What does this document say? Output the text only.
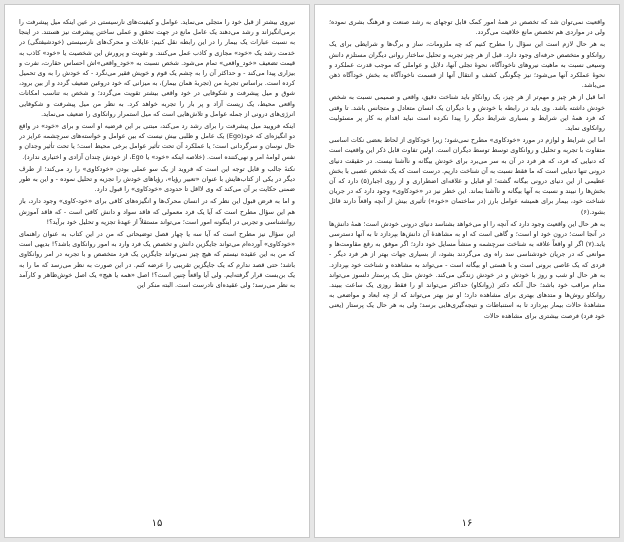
نیروی بیشتر از قبل خود را متجلی می‌نماید. عوامل و کیفیت‌های نارسیستی در عین اینکه میل پیشرفت را برمی‌انگیزاند و رشد می‌دهند یک عامل مانع در جهت تحقق و عملی ساختن پیشرفت نیز هستند. در اینجا به نسبت عبارات یک بیمار را در این رابطه نقل کنیم: غایلات و محرک‌های نارسیستی (خودشیفتگی) در خدمت رشد یک «خود» مجازی و کاذب عمل می‌کنند. و تقویت و پرورش این شخصیت یا «خود» کاذب به قیمت تضعیف «خود_واقعی» تمام می‌شود. شخص نسبت به «خود_واقعی»اش احساس حقارت، نفرت و بیزاری پیدا می‌کند - و حداکثر آن را به چشم یک قوم و خویش فقیر می‌نگرد - که خودش را به وی تحمیل کرده است. براساس تجربهٔ من (تجربهٔ همان بیمار)، به میزانی که خود دروغین ضعیف گردد و از بین برود، شوق و میل پیشرفت و شکوفایی در خود واقعی بیشتر تقویت می‌گردد؛ و شخص به تناسب امکانات واقعی محیط، یک زیست آزاد و پر بار را تجربه خواهد کرد. به نظر من میل پیشرفت و شکوفایی انرژی‌های درونی از جمله عوامل و تلاش‌هایی است که میل استمرار روانکاوی را ضعیف می‌نماید.

اینکه فرویید میل پیشرفت را برای رشد رد می‌کند، مبتنی بر این فرضیه او است و برای «خود» در واقع دو انگیزه‌ای که خود(Ego) یک عامل و ظلبی بیش نیست که بین عوامل و خواسته‌های سرچشمه غرایز در حال نوسان و سرگردانی است؛ یا عملکرد آن تحت تأثیر عوامل برخی محیط است؛ یا تحت تأثیر وجدان و نفس لوامهٔ امر و نهی‌کننده است. (خلاصه اینکه «خود» یا Ego، از خودش چندان آزادی و اختیاری ندارد).

نکتهٔ جالب و قابل توجه این است که فروید از یک سو عملی بودن «خودکاوی» را رد می‌کند؛ از طرف دیگر در یکی از کتاب‌هایش با عنوان «تعبیر رؤیا»، رؤیاهای خودش را تجزیه و تحلیل نموده - و این به طور ضمنی حکایت بر آن می‌کند که وی لااقل تا حدودی «خودکاوی» را قبول دارد.

و اما به فرض قبول این نظر که در انسان محرک‌ها و انگیزه‌های کافی برای «خود-کاوی» وجود دارد، باز هم این سؤال مطرح است که آیا یک فرد معمولی که فاقد سواد و دانش کافی است - که فاقد آموزش روانشناسی و تجربی در اینگونه امور است؛ می‌تواند مستقلاً از عهدهٔ تجزیه و تحلیل خود برآید؟!

این سؤال نیز مطرح است که آیا سه یا چهار فصل توضیحاتی که من در این کتاب به عنوان راهنمای «خودکاوی» آورده‌ام می‌تواند جایگزین دانش و تخصص یک فرد وارد به امور روانکاوی باشد؟! بدیهی است که من به این عقیده نیستم که هیچ چیز نمی‌تواند جایگزین یک فرد متخصص و با تجربه در امر روانکاوی باشد؛ حتی قصد ندارم که یک جایگزین تقریبی را عرضه کنم. در این صورت به نظر می‌رسد که ما را به یک بن‌بست قرار گرفته‌ایم. ولی آیا واقعاً چنین است؟! اصل «همه یا هیچ» یک اصل خوش‌ظاهر و کارآمد به نظر می‌رسد؛ ولی عقیده‌ای نادرست است. البته منکر این

۱۵

واقعیت نمی‌توان شد که تخصص در همهٔ امور کمک قابل توجهای به رشد صنعت و فرهنگ بشری نموده؛ ولی در مواردی هم تخصص مانع خلاقیت می‌گردد.

به هر حال لازم است این سؤال را مطرح کنیم که چه ملزومات، ساز و برگ‌ها و شرایطی برای یک روانکاو و متخصص حرفه‌ای وجود دارد. قبل از هر چیز تجربه و تحلیل ساختار روانی دیگران مستلزم دانش وسیعی نسبت به ماهیت نیروهای ناخودآگاه، نحوهٔ تجلی آنها، دلایل و عواملی که موجب قدرت عملکرد و نحوهٔ عملکرد آنها می‌شود؛ نیز چگونگی کشف و انتقال آنها از قسمت ناخودآگاه به بخش خودآگاه ذهن می‌باشد.

اما قبل از هر چیز و مهم‌تر از هر چیز، یک روانکاو باید شناخت دقیق، واقعی و صمیمی نسبت به شخص خودش داشته باشد. وی باید در رابطه با خودش و با دیگران یک انسان متعادل و متجانس باشد. تا وقتی که فرد همهٔ این شرایط و بسیاری شرایط دیگر را پیدا نکرده است نباید اقدام به کار پر مسئولیت روانکاوی نماید.

اما این شرایط و لوازم در مورد «خودکاوی» مطرح نمی‌شود؛ زیرا خودکاوی از لحاظ بعضی نکات اساسی متفاوت با تجربه و تحلیل و روانکاوی توسط توسط دیگران است. اولین تفاوت قابل ذکر این واقعیت است که دنیایی که فرد، که هر فرد در آن به سر می‌برد برای خودش بیگانه و ناآشنا نیست. در حقیقت دنیای درونی تنها دنیایی است که ما فقط نسبت به آن شناخت داریم. درست است که یک شخص عصبی با بخش عظیمی از این دنیای درونی بیگانه گشته؛ او قبایل و علاقه‌ای اضطراری و از روی اجبار(۵) دارد که آن بخش‌ها را نبیند و نسبت به آنها بیگانه و ناآشنا بماند. این خطر نیز در «خودکاوی» وجود دارد که در جریان شناخت خود، بیمار برای همیشه عوامل بارز (در ساختمان «خود») تأثیری بیش از آنچه واقعاً دارند قائل بشود.(۶)

به هر حال این واقعیت وجود دارد که آنچه را او می‌خواهد بشناسد دنیای درونی خودش است؛ همهٔ دانش‌ها در آنجا است؛ درون خود او است؛ و گاهی است که او به مشاهدهٔ آن دانش‌ها بپردازد تا به آنها دسترسی یابد.(۷) اگر او واقعاً علاقه به شناخت سرچشمه و منشأ مسایل خود دارد؛ اگر موفق به رفع مقاومت‌ها و موانعی که در جریان خودشناسی سد راه وی می‌گردند بشود، از بسیاری جهات بهتر از هر فرد دیگر - فردی که یک غاصی برونی است و با هستی او بیگانه است - می‌تواند به مشاهده و شناخت خود بپردازد. به هر حال او شب و روز با خودش و در خودش زندگی می‌کند. خودش مثل یک پرستار دلسوز می‌تواند مدام مراقب خود باشد؛ حال آنکه دکتر (روانکاو) حداکثر می‌تواند او را فقط روزی یک ساعت ببیند. روانکاو روش‌ها و متدهای بهتری برای مشاهده دارد؛ او نیز بهتر می‌تواند که از چه ابعاد و مواضعی به مشاهدهٔ حالات بیمار بپردازد تا به استنباطات و نتیجه‌گیری‌هایی برسد؛ ولی به هر حال یک پرستار (یعنی خود فرد) فرصت بیشتری برای مشاهده حالات

۱۶
